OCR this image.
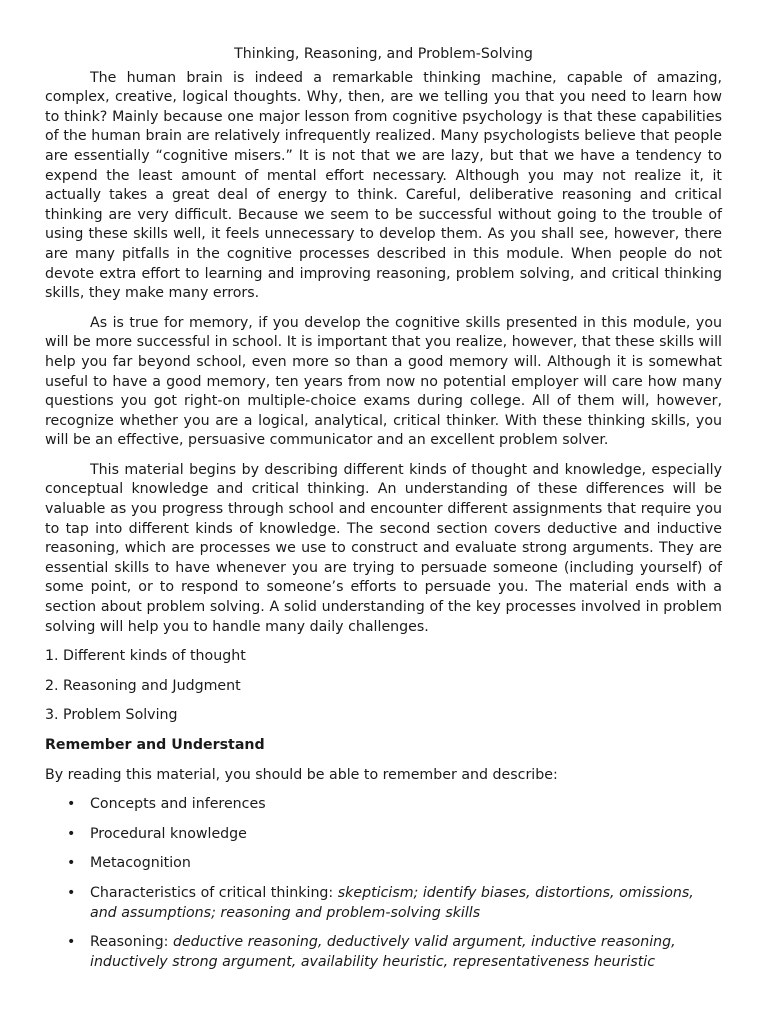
Thinking, Reasoning, and Problem-Solving

The human brain is indeed a remarkable thinking machine, capable of amazing, complex, creative, logical thoughts. Why, then, are we telling you that you need to learn how to think? Mainly because one major lesson from cognitive psychology is that these capabilities of the human brain are relatively infrequently realized. Many psychologists believe that people are essentially “cognitive misers.” It is not that we are lazy, but that we have a tendency to expend the least amount of mental effort necessary. Although you may not realize it, it actually takes a great deal of energy to think. Careful, deliberative reasoning and critical thinking are very difficult. Because we seem to be successful without going to the trouble of using these skills well, it feels unnecessary to develop them. As you shall see, however, there are many pitfalls in the cognitive processes described in this module. When people do not devote extra effort to learning and improving reasoning, problem solving, and critical thinking skills, they make many errors.

As is true for memory, if you develop the cognitive skills presented in this module, you will be more successful in school. It is important that you realize, however, that these skills will help you far beyond school, even more so than a good memory will. Although it is somewhat useful to have a good memory, ten years from now no potential employer will care how many questions you got right-on multiple-choice exams during college. All of them will, however, recognize whether you are a logical, analytical, critical thinker. With these thinking skills, you will be an effective, persuasive communicator and an excellent problem solver.

This material begins by describing different kinds of thought and knowledge, especially conceptual knowledge and critical thinking. An understanding of these differences will be valuable as you progress through school and encounter different assignments that require you to tap into different kinds of knowledge. The second section covers deductive and inductive reasoning, which are processes we use to construct and evaluate strong arguments. They are essential skills to have whenever you are trying to persuade someone (including yourself) of some point, or to respond to someone’s efforts to persuade you. The material ends with a section about problem solving. A solid understanding of the key processes involved in problem solving will help you to handle many daily challenges.

1. Different kinds of thought
2. Reasoning and Judgment
3. Problem Solving
Remember and Understand
By reading this material, you should be able to remember and describe:
• Concepts and inferences
• Procedural knowledge
• Metacognition
• Characteristics of critical thinking: skepticism; identify biases, distortions, omissions, and assumptions; reasoning and problem-solving skills
• Reasoning: deductive reasoning, deductively valid argument, inductive reasoning, inductively strong argument, availability heuristic, representativeness heuristic
